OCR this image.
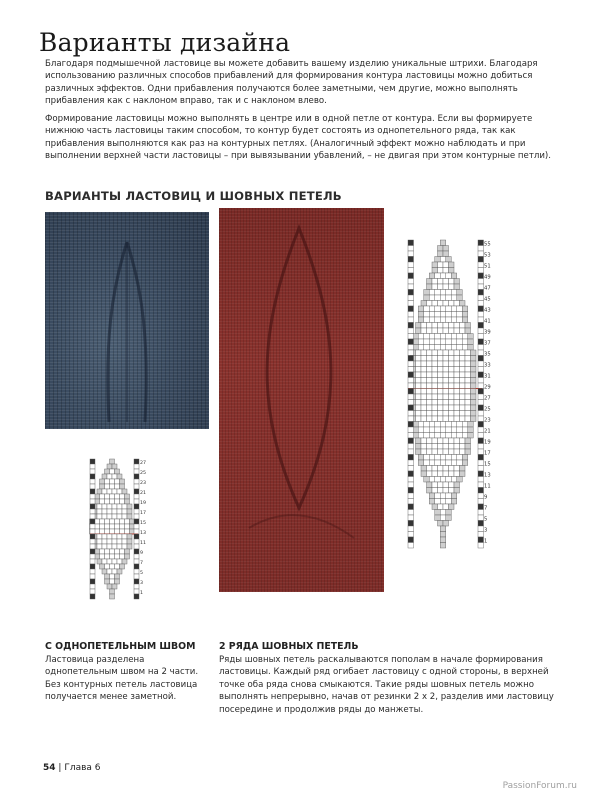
Варианты дизайна
Благодаря подмышечной ластовице вы можете добавить вашему изделию уникальные штрихи. Благодаря использованию различных способов прибавлений для формирования контура ластовицы можно добиться различных эффектов. Одни прибавления получаются более заметными, чем другие, можно выполнять прибавления как с наклоном вправо, так и с наклоном влево.
Формирование ластовицы можно выполнять в центре или в одной петле от контура. Если вы формируете нижнюю часть ластовицы таким способом, то контур будет состоять из однопетельного ряда, так как прибавления выполняются как раз на контурных петлях. (Аналогичный эффект можно наблюдать и при выполнении верхней части ластовицы – при вывязывании убавлений, – не двигая при этом контурные петли).
ВАРИАНТЫ ЛАСТОВИЦ И ШОВНЫХ ПЕТЕЛЬ
27
25
23
21
19
17
15
13
11
9
7
5
3
1
55
53
51
49
47
45
43
41
39
37
35
33
31
29
27
25
23
21
19
17
15
13
11
9
7
5
3
1
С ОДНОПЕТЕЛЬНЫМ ШВОМ
Ластовица разделена однопетельным швом на 2 части. Без контурных петель ластовица получается менее заметной.
2 РЯДА ШОВНЫХ ПЕТЕЛЬ
Ряды шовных петель раскалываются пополам в начале формирования ластовицы. Каждый ряд огибает ластовицу с одной стороны, в верхней точке оба ряда снова смыкаются. Такие ряды шовных петель можно выполнять непрерывно, начав от резинки 2 х 2, разделив ими ластовицу посередине и продолжив ряды до манжеты.
54 | Глава 6
PassionForum.ru
